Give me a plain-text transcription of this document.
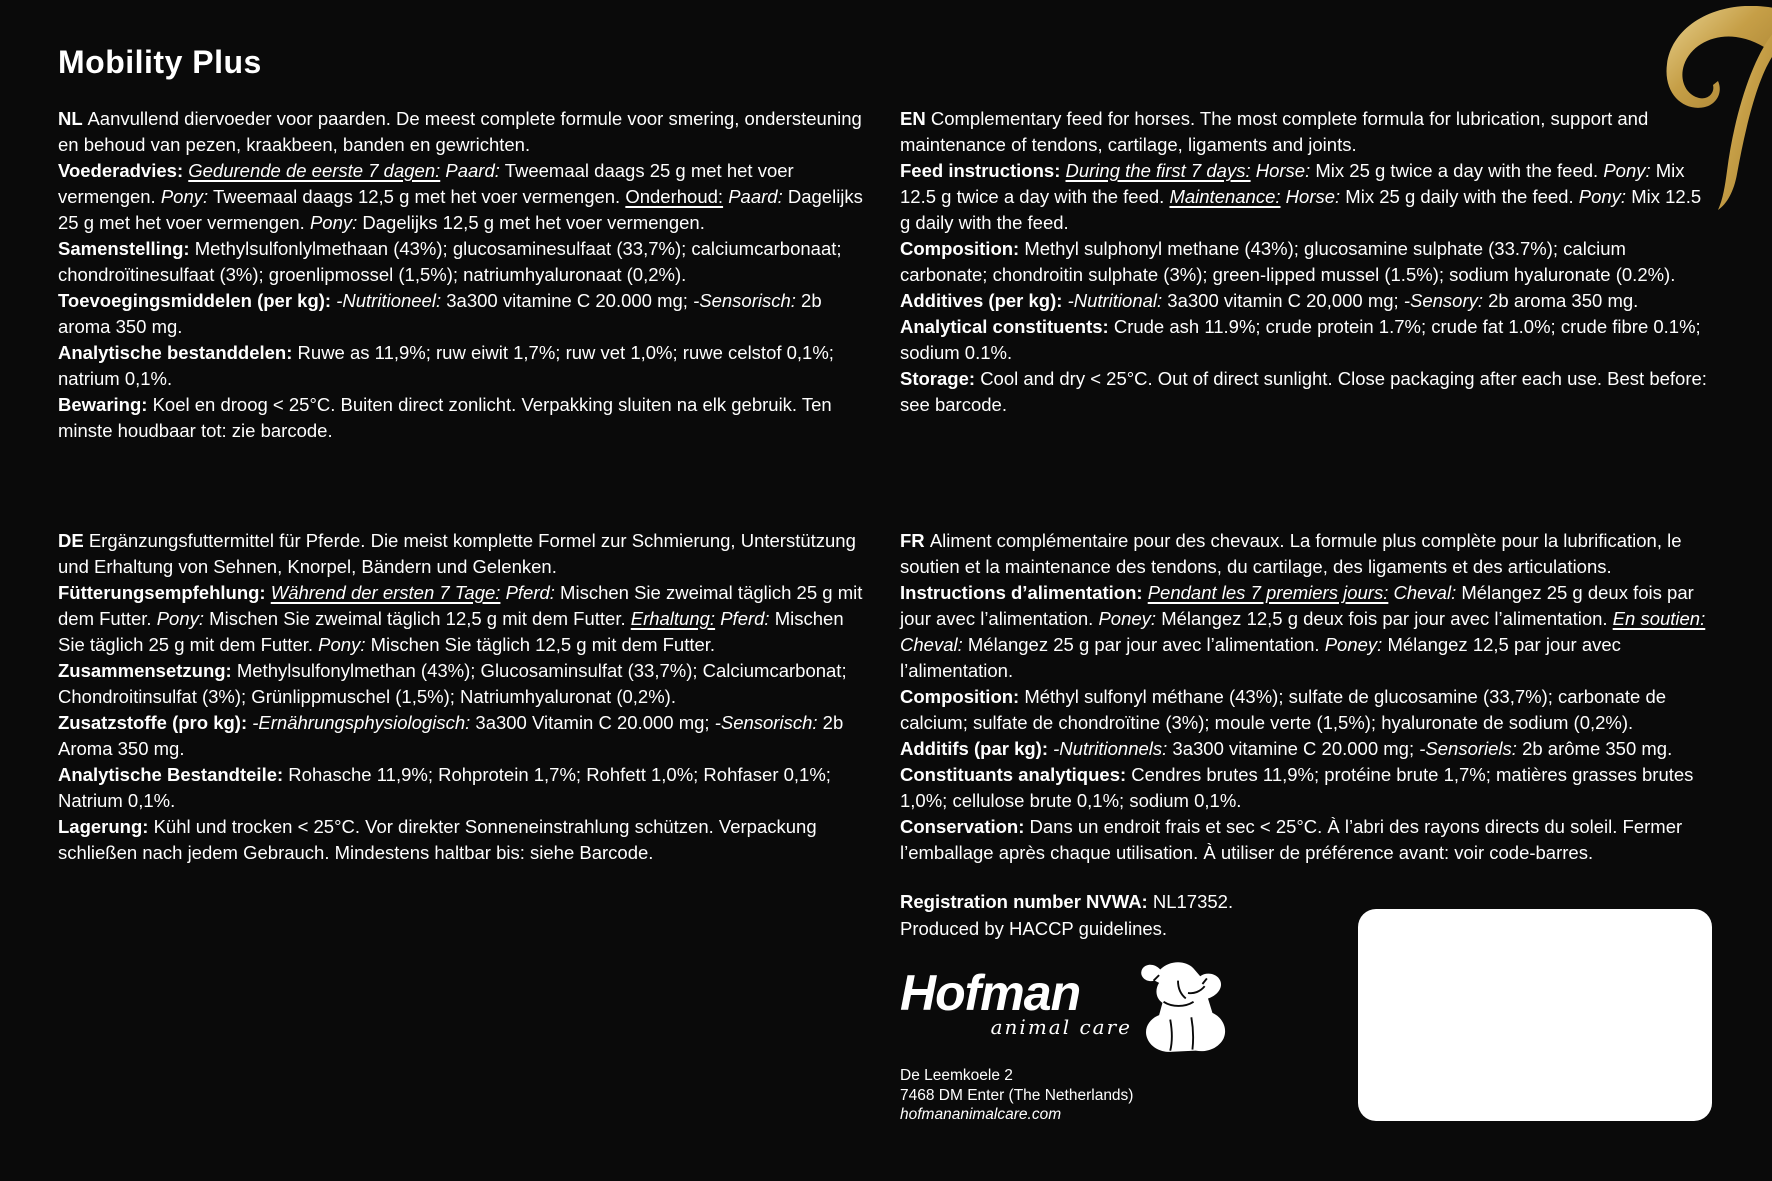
Mobility Plus

NL Aanvullend diervoeder voor paarden. De meest complete formule voor smering, ondersteuning en behoud van pezen, kraakbeen, banden en gewrichten.

Voederadvies: Gedurende de eerste 7 dagen: Paard: Tweemaal daags 25 g met het voer vermengen. Pony: Tweemaal daags 12,5 g met het voer vermengen. Onderhoud: Paard: Dagelijks 25 g met het voer vermengen. Pony: Dagelijks 12,5 g met het voer vermengen.

Samenstelling: Methylsulfonlylmethaan (43%); glucosaminesulfaat (33,7%); calciumcarbonaat; chondroïtinesulfaat (3%); groenlipmossel (1,5%); natriumhyaluronaat (0,2%).

Toevoegingsmiddelen (per kg): -Nutritioneel: 3a300 vitamine C 20.000 mg; -Sensorisch: 2b aroma 350 mg.

Analytische bestanddelen: Ruwe as 11,9%; ruw eiwit 1,7%; ruw vet 1,0%; ruwe celstof 0,1%; natrium 0,1%.

Bewaring: Koel en droog < 25°C. Buiten direct zonlicht. Verpakking sluiten na elk gebruik. Ten minste houdbaar tot: zie barcode.

DE Ergänzungsfuttermittel für Pferde. Die meist komplette Formel zur Schmierung, Unterstützung und Erhaltung von Sehnen, Knorpel, Bändern und Gelenken.

Fütterungsempfehlung: Während der ersten 7 Tage: Pferd: Mischen Sie zweimal täglich 25 g mit dem Futter. Pony: Mischen Sie zweimal täglich 12,5 g mit dem Futter. Erhaltung: Pferd: Mischen Sie täglich 25 g mit dem Futter. Pony: Mischen Sie täglich 12,5 g mit dem Futter.

Zusammensetzung: Methylsulfonylmethan (43%); Glucosaminsulfat (33,7%); Calciumcarbonat; Chondroitinsulfat (3%); Grünlippmuschel (1,5%); Natriumhyaluronat (0,2%).

Zusatzstoffe (pro kg): -Ernährungsphysiologisch: 3a300 Vitamin C 20.000 mg; -Sensorisch: 2b Aroma 350 mg.

Analytische Bestandteile: Rohasche 11,9%; Rohprotein 1,7%; Rohfett 1,0%; Rohfaser 0,1%; Natrium 0,1%.

Lagerung: Kühl und trocken < 25°C. Vor direkter Sonneneinstrahlung schützen. Verpackung schließen nach jedem Gebrauch. Mindestens haltbar bis: siehe Barcode.

EN Complementary feed for horses. The most complete formula for lubrication, support and maintenance of tendons, cartilage, ligaments and joints.

Feed instructions: During the first 7 days: Horse: Mix 25 g twice a day with the feed. Pony: Mix 12.5 g twice a day with the feed. Maintenance: Horse: Mix 25 g daily with the feed. Pony: Mix 12.5 g daily with the feed.

Composition: Methyl sulphonyl methane (43%); glucosamine sulphate (33.7%); calcium carbonate; chondroitin sulphate (3%); green-lipped mussel (1.5%); sodium hyaluronate (0.2%).

Additives (per kg): -Nutritional: 3a300 vitamin C 20,000 mg; -Sensory: 2b aroma 350 mg.

Analytical constituents: Crude ash 11.9%; crude protein 1.7%; crude fat 1.0%; crude fibre 0.1%; sodium 0.1%.

Storage: Cool and dry < 25°C. Out of direct sunlight. Close packaging after each use. Best before: see barcode.

FR Aliment complémentaire pour des chevaux. La formule plus complète pour la lubrification, le soutien et la maintenance des tendons, du cartilage, des ligaments et des articulations.

Instructions d’alimentation: Pendant les 7 premiers jours: Cheval: Mélangez 25 g deux fois par jour avec l’alimentation. Poney: Mélangez 12,5 g deux fois par jour avec l’alimentation. En soutien: Cheval: Mélangez 25 g par jour avec l’alimentation. Poney: Mélangez 12,5 par jour avec l’alimentation.

Composition: Méthyl sulfonyl méthane (43%); sulfate de glucosamine (33,7%); carbonate de calcium; sulfate de chondroïtine (3%); moule verte (1,5%); hyaluronate de sodium (0,2%).

Additifs (par kg): -Nutritionnels: 3a300 vitamine C 20.000 mg; -Sensoriels: 2b arôme 350 mg.

Constituants analytiques: Cendres brutes 11,9%; protéine brute 1,7%; matières grasses brutes 1,0%; cellulose brute 0,1%; sodium 0,1%.

Conservation: Dans un endroit frais et sec < 25°C. À l’abri des rayons directs du soleil. Fermer l’emballage après chaque utilisation. À utiliser de préférence avant: voir code-barres.

Registration number NVWA: NL17352.

Produced by HACCP guidelines.

Hofman
animal care
De Leemkoele 2
7468 DM Enter (The Netherlands)
hofmananimalcare.com
